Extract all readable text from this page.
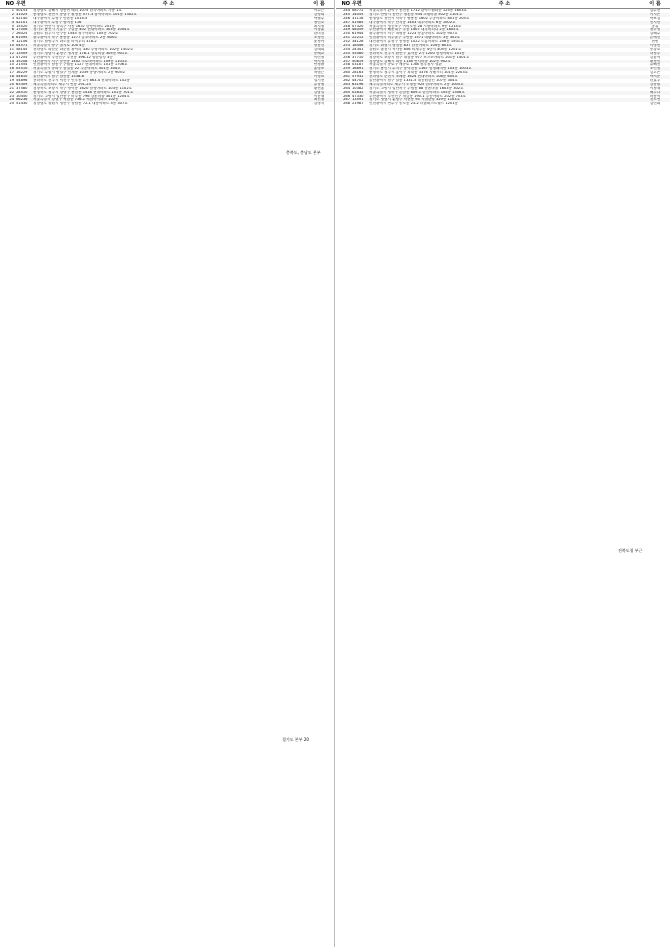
NO 우편	주 소	이 름
1 50153	경상남도 김해시 상동면 매리 1075 한국아파트 가동 1호	이수근
2 31025	충청남도 천안시 동남구 원성동 577-3 삼익아파트 101동 1302호	김영희
3 42140	대구광역시 수성구 만촌동 1014-5	박철수
4 42101	대구광역시 수성구 범어동 116	정민호
5 15520	경기도 안산시 상록구 사동 1637 한양아파트 201동	최지영
6 17006	경기도 용인시 기흥구 구갈동 402 현대아파트 303동 1004호	이상훈
7 26025	강원도 원주시 단구동 1545 청구아파트 105동 702호	한미경
8 61095	광주광역시 북구 용봉동 1277 금호아파트 2동 508호	조성민
9 12106	경기도 남양주시 화도읍 마석우리 318-2	윤정아
10 04571	서울특별시 중구 을지로 100 4층	장동건
11 58145	전라남도 화순군 화순읍 광덕리 330 부영아파트 102동 1502호	김태희
12 13509	경기도 성남시 분당구 정자동 178-1 상록마을 305동 901호	송혜교
13 47255	부산광역시 부산진구 부전동 396-12 삼한빌딩 3층	이민정
14 35208	대전광역시 서구 둔산동 1402 크로바아파트 109동 1103호	박지성
15 21554	인천광역시 남동구 구월동 1127 현대아파트 101동 1706호	안정환
16 05510	서울특별시 송파구 잠실동 22 주공아파트 501동 304호	홍명보
17 16229	경기도 수원시 팔달구 인계동 1039 동남아파트 2동 905호	차범근
18 44610	울산광역시 남구 삼산동 1538-6	이영표
19 54896	전라북도 전주시 덕진구 인후동 1가 863-4 현대아파트 102동	설기현
20 63309	제주특별자치도 제주시 연동 291-23	유상철
21 37580	경상북도 포항시 북구 양덕동 1620 삼성아파트 103동 1102호	황선홍
22 28510	충청북도 청주시 상당구 용암동 1418 현대아파트 101동 701호	김남일
23 10450	경기도 고양시 일산동구 마두동 796 강촌마을 301동 1204호	이운재
24 06236	서울특별시 강남구 역삼동 736-1 역삼아이파크 102동	최진철
25 51430	경상남도 창원시 성산구 상남동 72-1 대동아파트 5동 307호	김병지
NO 우편	주 소	이 름
244 08772	서울특별시 관악구 봉천동 1712 관악드림타운 125동 1603호	김수현
245 14055	경기도 안양시 동안구 평촌동 934 초원마을 502동 1101호	이지은
246 31116	충청남도 천안시 서북구 쌍용동 1602 주공아파트 801동 205호	박보검
247 41585	대구광역시 북구 산격동 1403 대우아파트 6동 1002호	전지현
248 07320	서울특별시 영등포구 여의도동 28 시범아파트 9동 1214호	공유
249 48059	부산광역시 해운대구 우동 1407 대우마리나 2동 1805호	정우성
250 61944	광주광역시 서구 치평동 1223 중흥아파트 102동 907호	김혜수
251 22212	인천광역시 미추홀구 주안동 1571 대림아파트 3동 302호	손예진
252 34126	대전광역시 유성구 봉명동 1022 도룡아파트 206동 1501호	현빈
253 18446	경기도 화성시 병점동 837 한신아파트 104동 803호	이병헌
254 24341	강원도 춘천시 석사동 856 퇴계주공 4단지 405동 1201호	송강호
255 55080	전라북도 전주시 완산구 효자동 2가 1200 삼성아파트 101동	하정우
256 37710	경상북도 포항시 남구 대잠동 977 포스코아파트 201동 1401호	김윤석
257 50819	경상남도 김해시 내동 1138 연지마을 102동 902호	황정민
258 03187	서울특별시 종로구 세종로 1-68 정부청사 별관	유해진
259 16891	경기도 용인시 수지구 풍덕천동 1167 삼성래미안 103동 1003호	조인성
260 28163	충청북도 청주시 흥덕구 복대동 3376 지웰시티 101동 2203호	김고은
261 57932	전라남도 순천시 조례동 1624 현대아파트 108동 605호	박서준
262 44702	울산광역시 남구 달동 1331-5 대공원한신 107동 304호	한효주
263 63196	제주특별자치도 제주시 노형동 925 한라아파트 2동 1005호	강동원
264 10382	경기도 고양시 일산서구 주엽동 88 문촌마을 1603동 302호	이정재
265 02832	서울특별시 성북구 돈암동 609-1 한진아파트 105동 1506호	배두나
266 47330	부산광역시 부산진구 개금동 190-1 주공아파트 202동 703호	마동석
267 13591	경기도 성남시 분당구 서현동 95 시범한양 329동 1103호	전도연
268 21987	인천광역시 연수구 송도동 23-2 더샵퍼스트월드 1201동	김민희
충북도, 충남도 본부
전북도청 부근
경기도 본부 20
